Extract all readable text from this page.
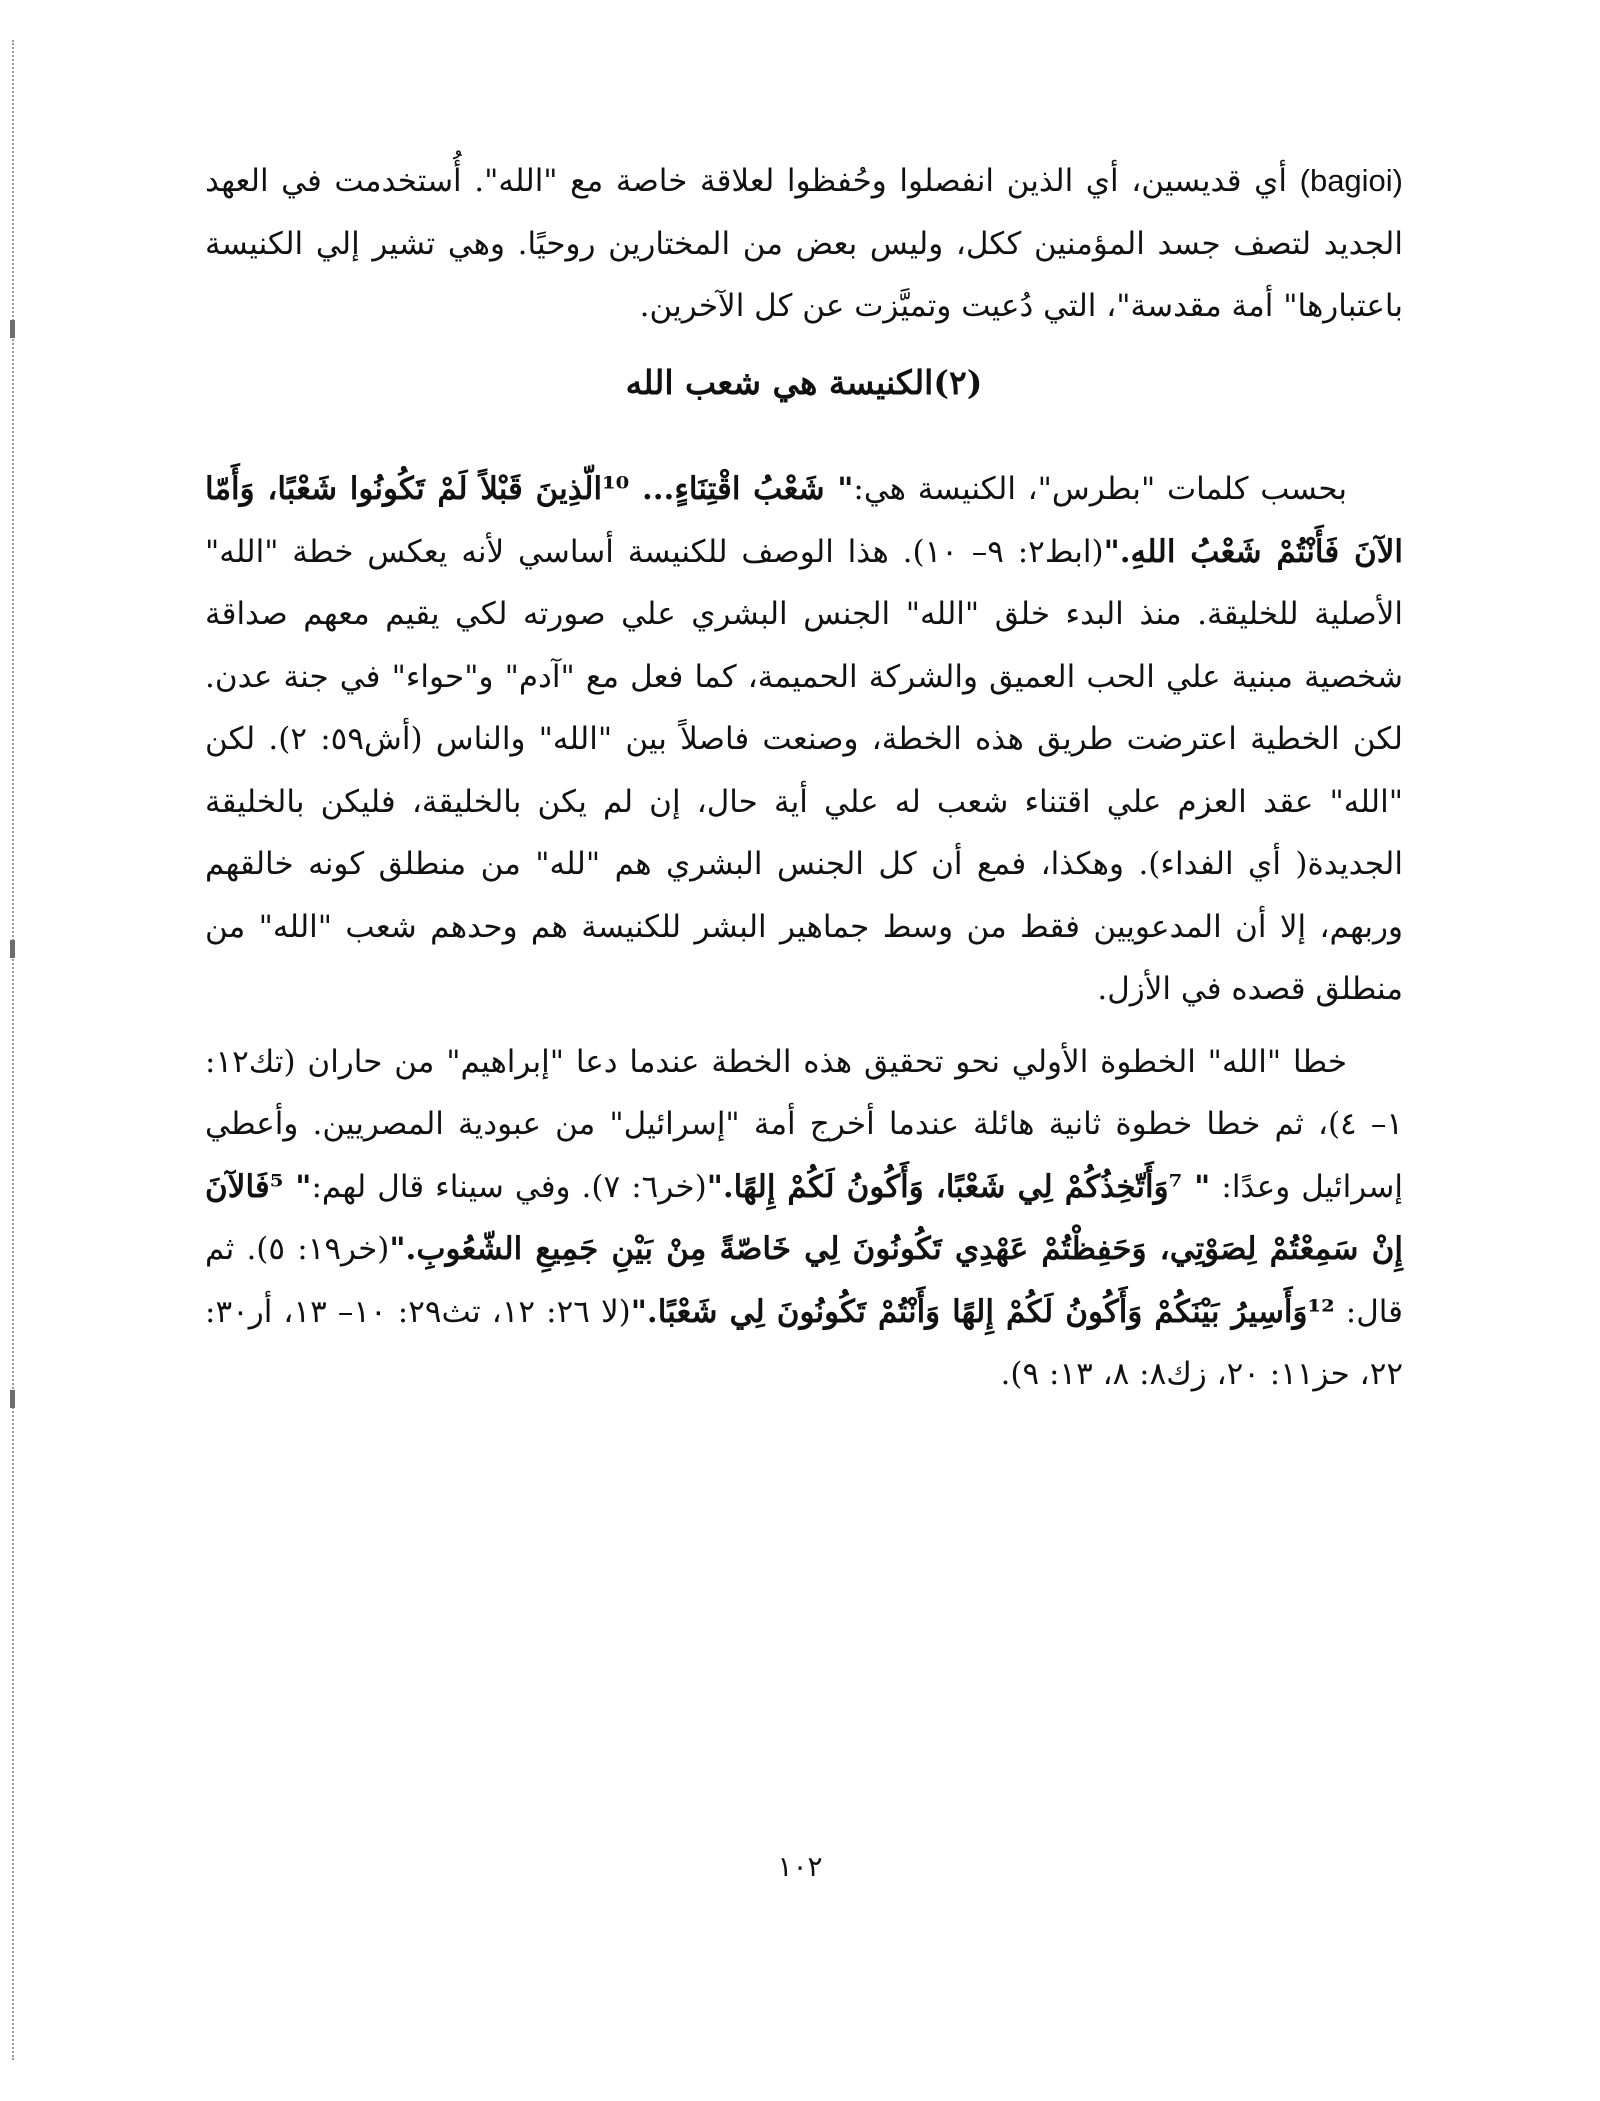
(bagioi) أي قديسين، أي الذين انفصلوا وحُفظوا لعلاقة خاصة مع "الله". أُستخدمت في العهد الجديد لتصف جسد المؤمنين ككل، وليس بعض من المختارين روحيًا. وهي تشير إلي الكنيسة باعتبارها" أمة مقدسة"، التي دُعيت وتميَّزت عن كل الآخرين.

(٢)الكنيسة هي شعب الله

بحسب كلمات "بطرس"، الكنيسة هي:" شَعْبُ اقْتِنَاءٍ... ¹⁰الّذِينَ قَبْلاً لَمْ تَكُونُوا شَعْبًا، وَأَمّا الآنَ فَأَنْتُمْ شَعْبُ اللهِ."(ابط٢: ٩– ١٠). هذا الوصف للكنيسة أساسي لأنه يعكس خطة "الله" الأصلية للخليقة. منذ البدء خلق "الله" الجنس البشري علي صورته لكي يقيم معهم صداقة شخصية مبنية علي الحب العميق والشركة الحميمة، كما فعل مع "آدم" و"حواء" في جنة عدن. لكن الخطية اعترضت طريق هذه الخطة، وصنعت فاصلاً بين "الله" والناس (أش٥٩: ٢). لكن "الله" عقد العزم علي اقتناء شعب له علي أية حال، إن لم يكن بالخليقة، فليكن بالخليقة الجديدة( أي الفداء). وهكذا، فمع أن كل الجنس البشري هم "لله" من منطلق كونه خالقهم وربهم، إلا أن المدعويين فقط من وسط جماهير البشر للكنيسة هم وحدهم شعب "الله" من منطلق قصده في الأزل.

خطا "الله" الخطوة الأولي نحو تحقيق هذه الخطة عندما دعا "إبراهيم" من حاران (تك١٢: ١– ٤)، ثم خطا خطوة ثانية هائلة عندما أخرج أمة "إسرائيل" من عبودية المصريين. وأعطي إسرائيل وعدًا: " ⁷وَأَتّخِذُكُمْ لِي شَعْبًا، وَأَكُونُ لَكُمْ إِلهًا."(خر٦: ٧). وفي سيناء قال لهم:" ⁵فَالآنَ إِنْ سَمِعْتُمْ لِصَوْتِي، وَحَفِظْتُمْ عَهْدِي تَكُونُونَ لِي خَاصّةً مِنْ بَيْنِ جَمِيعِ الشّعُوبِ."(خر١٩: ٥). ثم قال: ¹²وَأَسِيرُ بَيْنَكُمْ وَأَكُونُ لَكُمْ إِلهًا وَأَنْتُمْ تَكُونُونَ لِي شَعْبًا."(لا ٢٦: ١٢، تث٢٩: ١٠– ١٣، أر٣٠: ٢٢، حز١١: ٢٠، زك٨: ٨، ١٣: ٩).

١٠٢
